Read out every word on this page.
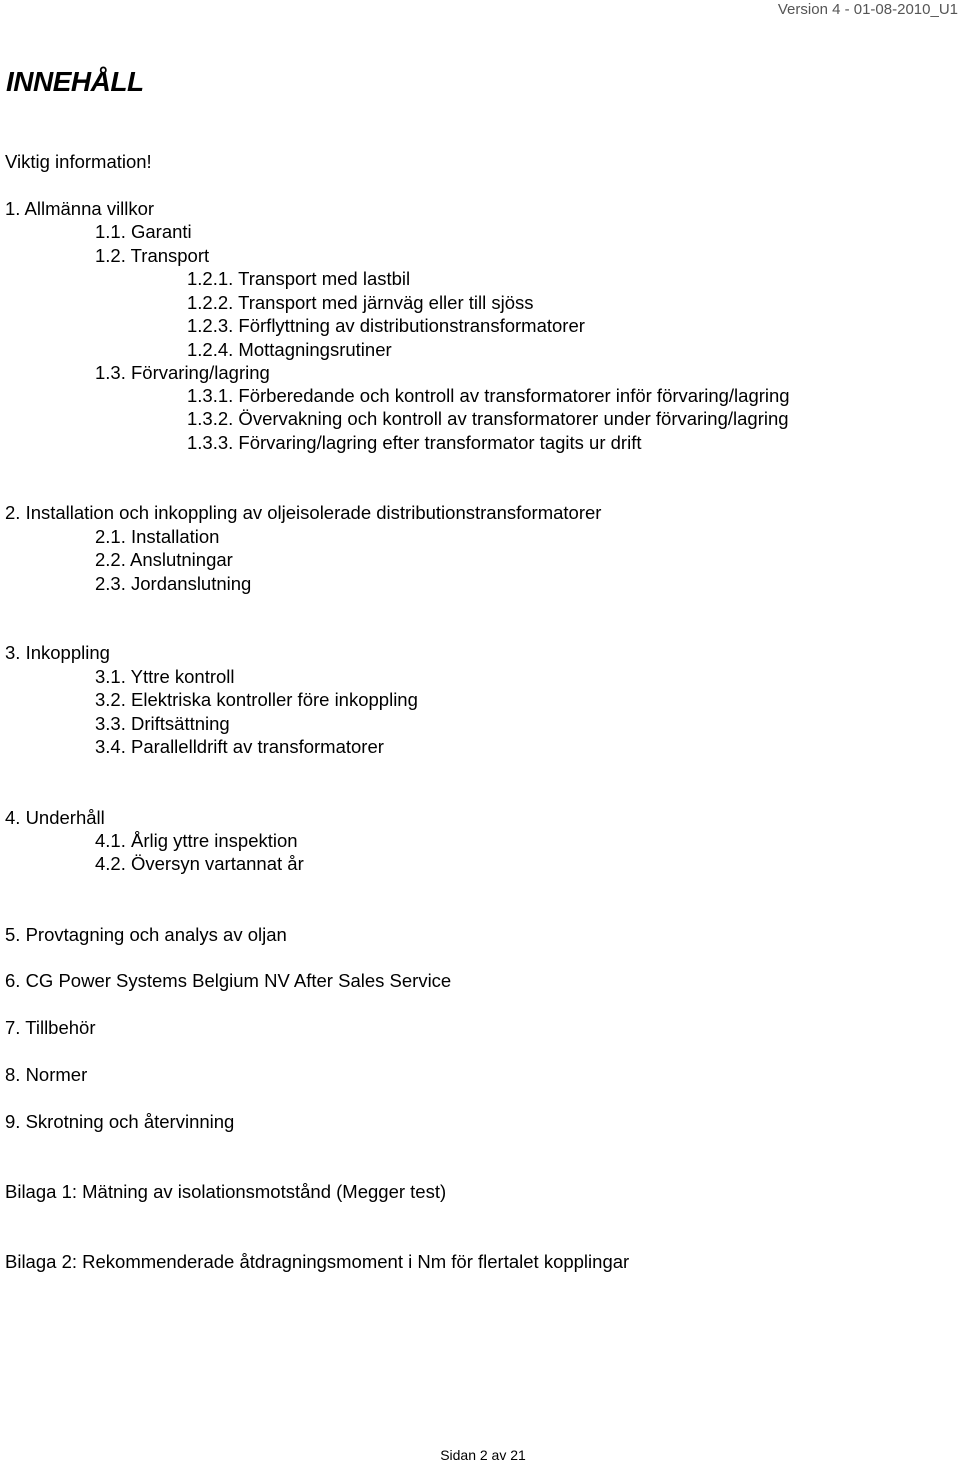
Version 4 - 01-08-2010_U1
INNEHÅLL
Viktig information!
1. Allmänna villkor
1.1. Garanti
1.2. Transport
1.2.1. Transport med lastbil
1.2.2. Transport med järnväg eller till sjöss
1.2.3. Förflyttning av distributionstransformatorer
1.2.4. Mottagningsrutiner
1.3. Förvaring/lagring
1.3.1. Förberedande och kontroll av transformatorer inför förvaring/lagring
1.3.2. Övervakning och kontroll av transformatorer under förvaring/lagring
1.3.3. Förvaring/lagring efter transformator tagits ur drift
2. Installation och inkoppling av oljeisolerade distributionstransformatorer
2.1. Installation
2.2. Anslutningar
2.3. Jordanslutning
3. Inkoppling
3.1. Yttre kontroll
3.2. Elektriska kontroller före inkoppling
3.3. Driftsättning
3.4. Parallelldrift av transformatorer
4. Underhåll
4.1. Årlig yttre inspektion
4.2. Översyn vartannat år
5. Provtagning och analys av oljan
6. CG Power Systems Belgium NV After Sales Service
7. Tillbehör
8. Normer
9. Skrotning och återvinning
Bilaga 1: Mätning av isolationsmotstånd (Megger test)
Bilaga 2: Rekommenderade åtdragningsmoment i Nm för flertalet kopplingar
Sidan 2 av 21
